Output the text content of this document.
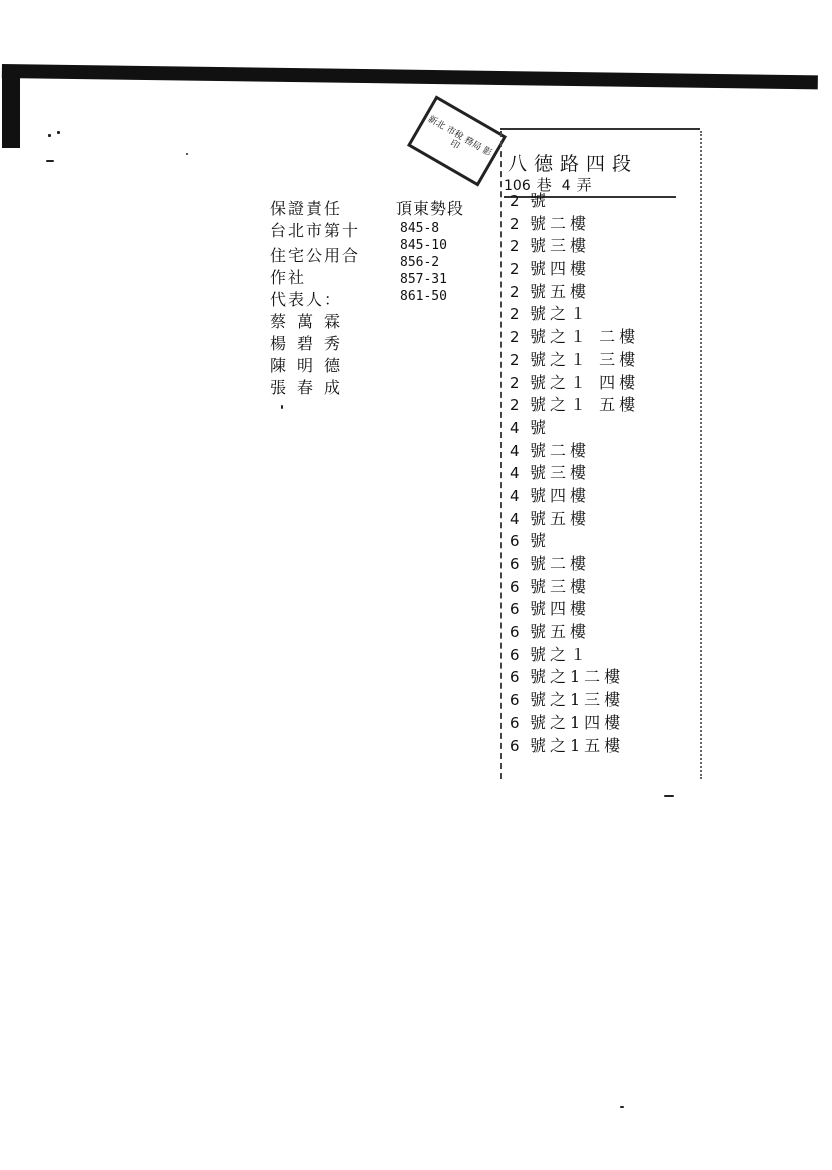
新北 市稅 務局 影印
保證責任
台北市第十
住宅公用合
作社
代表人：
蔡萬霖
楊碧秀
陳明德
張春成
頂東勢段
845-8
845-10
856-2
857-31
861-50
八德路四段
106 巷 4 弄
2 號
2 號二樓
2 號三樓
2 號四樓
2 號五樓
2 號之１
2 號之１ 二樓
2 號之１ 三樓
2 號之１ 四樓
2 號之１ 五樓
4 號
4 號二樓
4 號三樓
4 號四樓
4 號五樓
6 號
6 號二樓
6 號三樓
6 號四樓
6 號五樓
6 號之１
6 號之1二樓
6 號之1三樓
6 號之1四樓
6 號之1五樓
